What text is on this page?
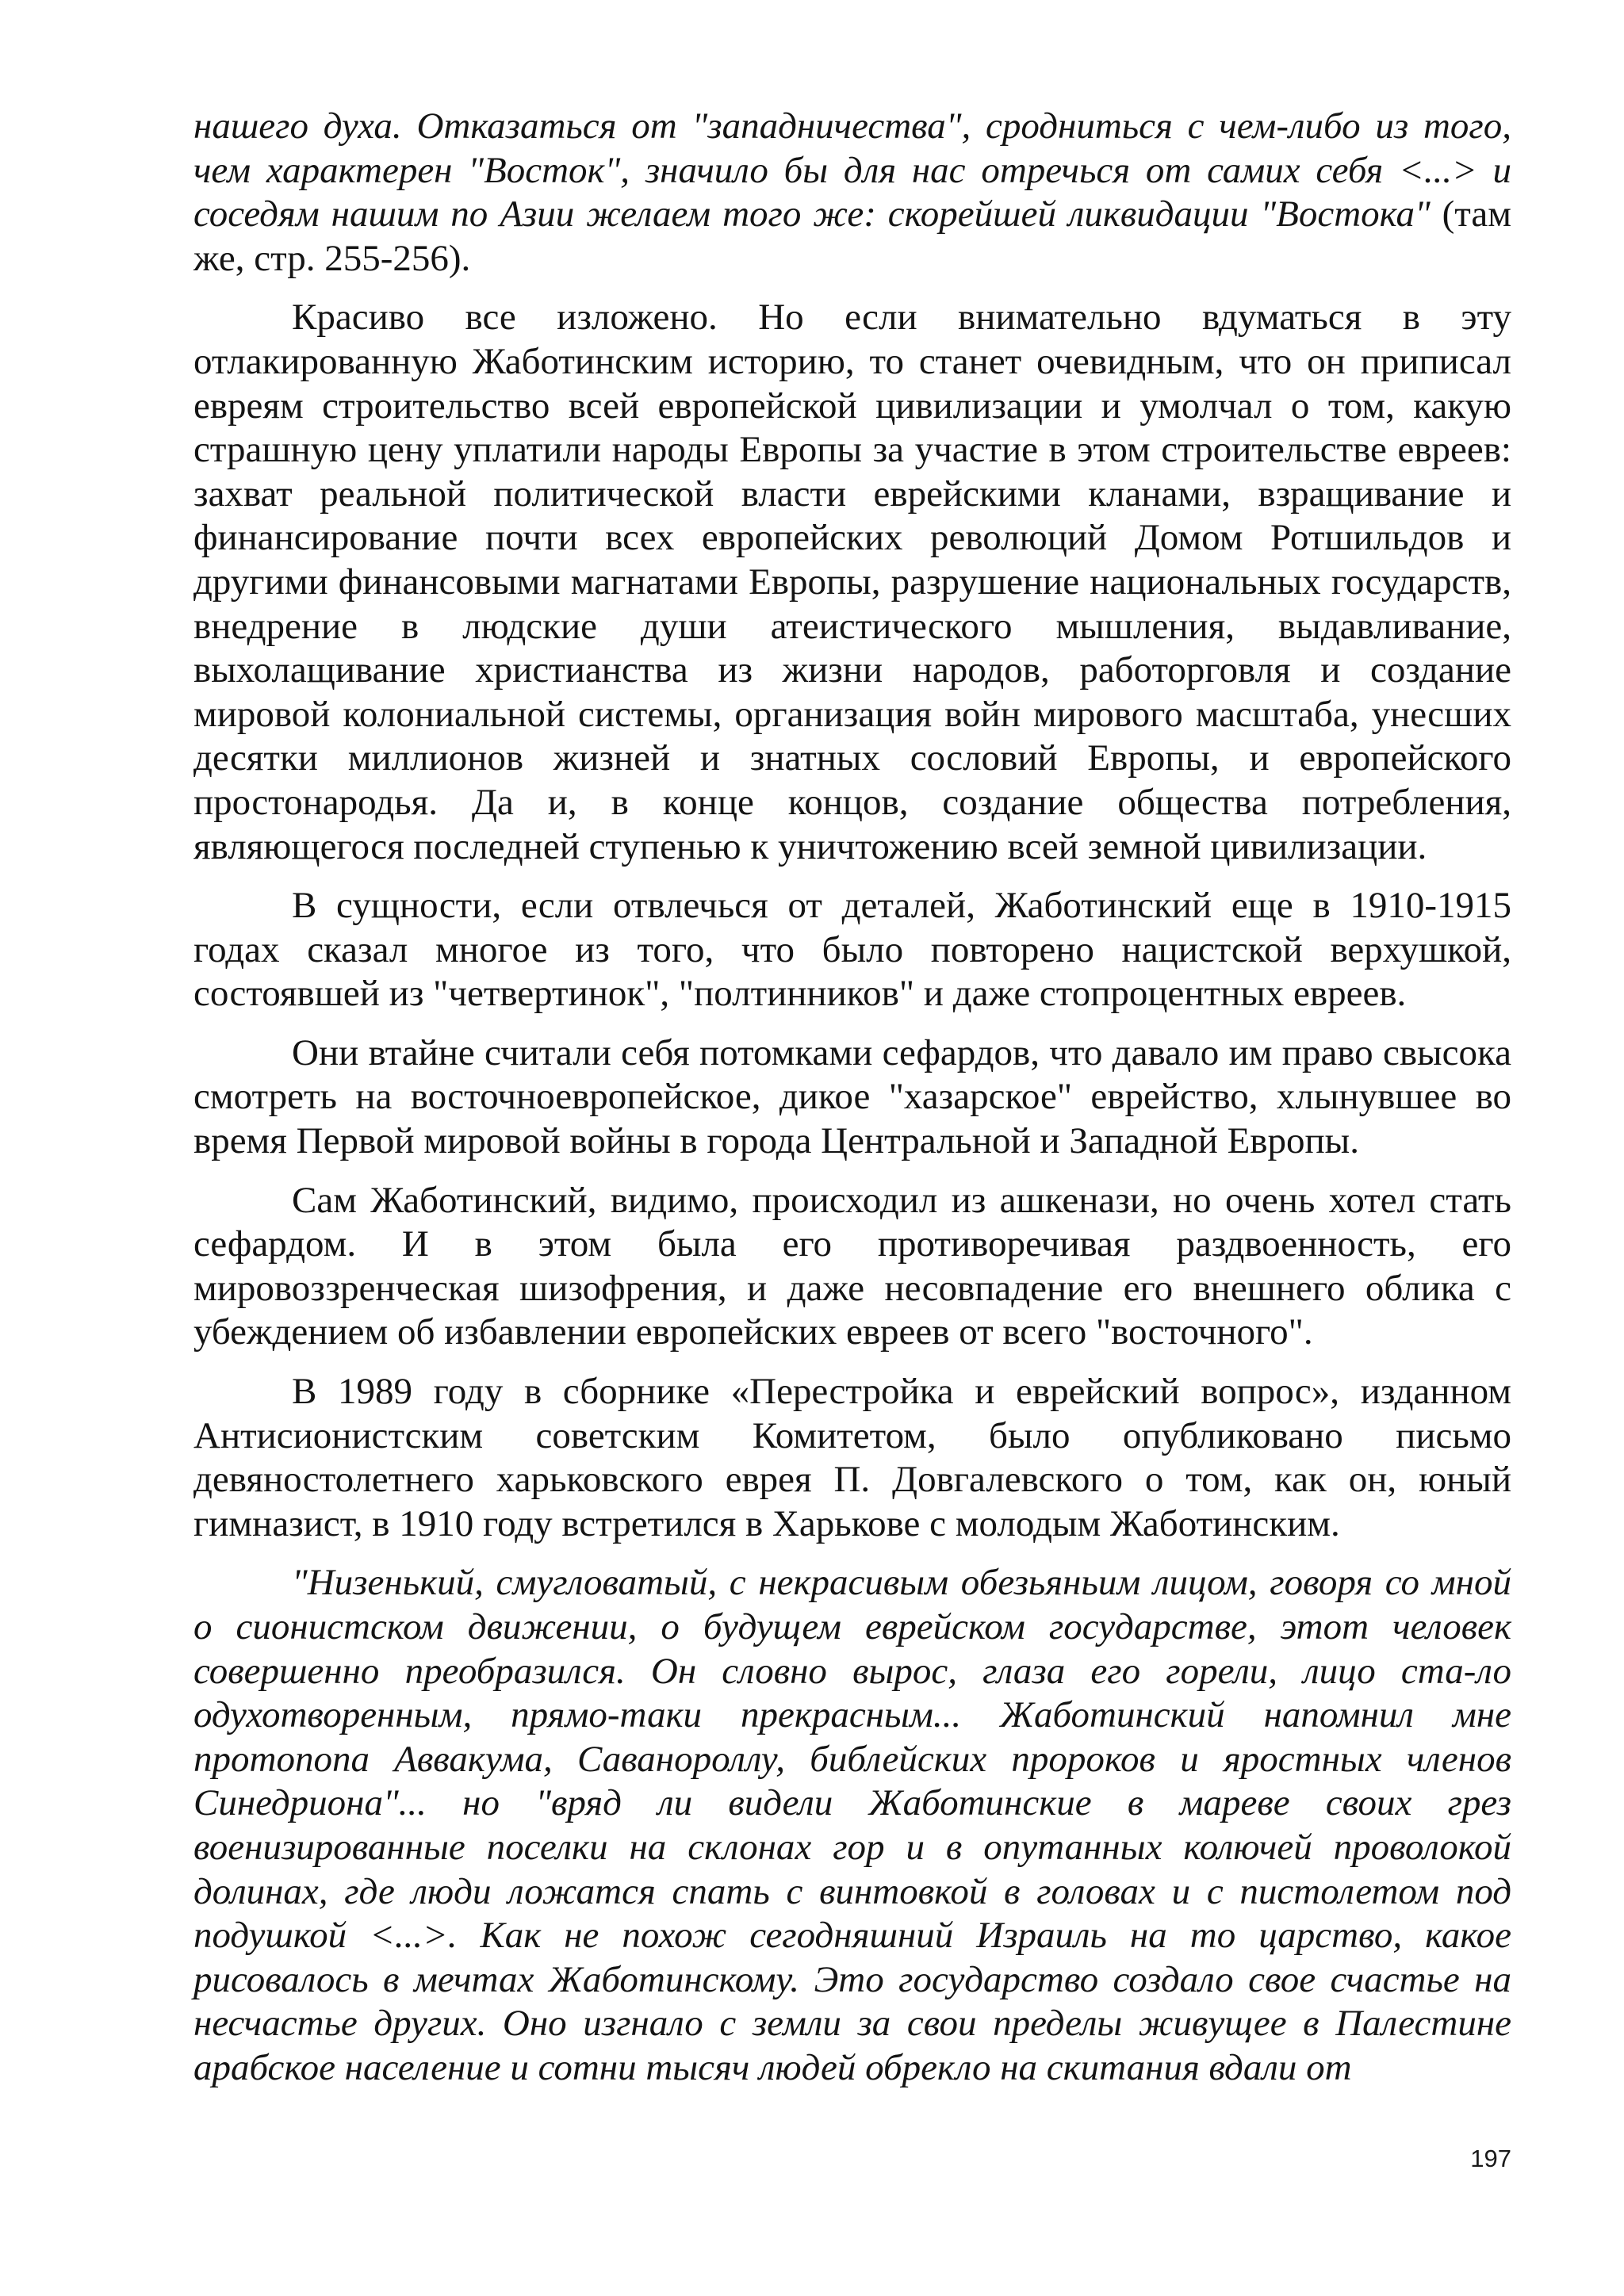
нашего духа. Отказаться от "западничества", сродниться с чем-либо из того, чем характерен "Восток", значило бы для нас отречься от самих себя <...> и соседям нашим по Азии желаем того же: скорейшей ликвидации "Востока" (там же, стр. 255-256).

Красиво все изложено. Но если внимательно вдуматься в эту отлакированную Жаботинским историю, то станет очевидным, что он приписал евреям строительство всей европейской цивилизации и умолчал о том, какую страшную цену уплатили народы Европы за участие в этом строительстве евреев: захват реальной политической власти еврейскими кланами, взращивание и финансирование почти всех европейских революций Домом Ротшильдов и другими финансовыми магнатами Европы, разрушение национальных государств, внедрение в людские души атеистического мышления, выдавливание, выхолащивание христианства из жизни народов, работорговля и создание мировой колониальной системы, организация войн мирового масштаба, унесших десятки миллионов жизней и знатных сословий Европы, и европейского простонародья. Да и, в конце концов, создание общества потребления, являющегося последней ступенью к уничтожению всей земной цивилизации.

В сущности, если отвлечься от деталей, Жаботинский еще в 1910-1915 годах сказал многое из того, что было повторено нацистской верхушкой, состоявшей из "четвертинок", "полтинников" и даже стопроцентных евреев.

Они втайне считали себя потомками сефардов, что давало им право свысока смотреть на восточноевропейское, дикое "хазарское" еврейство, хлынувшее во время Первой мировой войны в города Центральной и Западной Европы.

Сам Жаботинский, видимо, происходил из ашкенази, но очень хотел стать сефардом. И в этом была его противоречивая раздвоенность, его мировоззренческая шизофрения, и даже несовпадение его внешнего облика с убеждением об избавлении европейских евреев от всего "восточного".

В 1989 году в сборнике «Перестройка и еврейский вопрос», изданном Антисионистским советским Комитетом, было опубликовано письмо девяностолетнего харьковского еврея П. Довгалевского о том, как он, юный гимназист, в 1910 году встретился в Харькове с молодым Жаботинским.

"Низенький, смугловатый, с некрасивым обезьяньим лицом, говоря со мной о сионистском движении, о будущем еврейском государстве, этот человек совершенно преобразился. Он словно вырос, глаза его горели, лицо ста-ло одухотворенным, прямо-таки прекрасным... Жаботинский напомнил мне протопопа Аввакума, Саванороллу, библейских пророков и яростных членов Синедриона"... но "вряд ли видели Жаботинские в мареве своих грез военизированные поселки на склонах гор и в опутанных колючей проволокой долинах, где люди ложатся спать с винтовкой в головах и с пистолетом под подушкой <...>. Как не похож сегодняшний Израиль на то царство, какое рисовалось в мечтах Жаботинскому. Это государство создало свое счастье на несчастье других. Оно изгнало с земли за свои пределы живущее в Палестине арабское население и сотни тысяч людей обрекло на скитания вдали от

197
